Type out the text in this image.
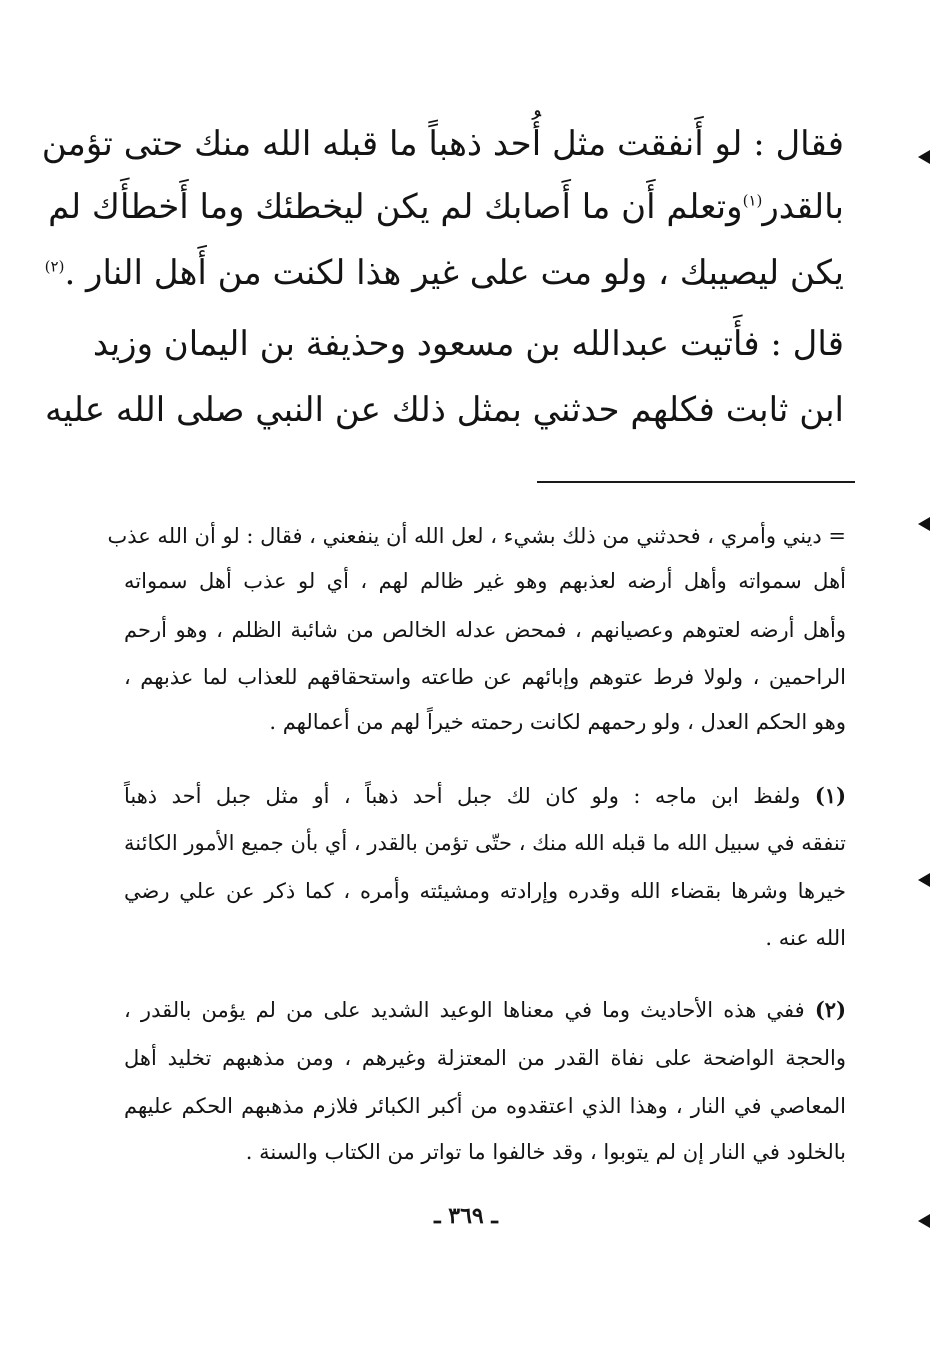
فقال : لو أَنفقت مثل أُحد ذهباً ما قبله الله منك حتى تؤمن
بالقدر$^{(١)}$وتعلم أَن ما أَصابك لم يكن ليخطئك وما أَخطأَك لم
يكن ليصيبك ، ولو مت على غير هذا لكنت من أَهل النار .$^{(٢)}$
قال : فأَتيت عبدالله بن مسعود وحذيفة بن اليمان وزيد
ابن ثابت فكلهم حدثني بمثل ذلك عن النبي صلى الله عليه
= ديني وأمري ، فحدثني من ذلك بشيء ، لعل الله أن ينفعني ، فقال : لو أن الله عذب
أهل سمواته وأهل أرضه لعذبهم وهو غير ظالم لهم ، أي لو عذب أهل سمواته
وأهل أرضه لعتوهم وعصيانهم ، فمحض عدله الخالص من شائبة الظلم ، وهو أرحم
الراحمين ، ولولا فرط عتوهم وإبائهم عن طاعته واستحقاقهم للعذاب لما عذبهم ،
وهو الحكم العدل ، ولو رحمهم لكانت رحمته خيراً لهم من أعمالهم .
(١) ولفظ ابن ماجه : ولو كان لك جبل أحد ذهباً ، أو مثل جبل أحد ذهباً
تنفقه في سبيل الله ما قبله الله منك ، حتّى تؤمن بالقدر ، أي بأن جميع الأمور الكائنة
خيرها وشرها بقضاء الله وقدره وإرادته ومشيئته وأمره ، كما ذكر عن علي رضي
الله عنه .
(٢) ففي هذه الأحاديث وما في معناها الوعيد الشديد على من لم يؤمن بالقدر ،
والحجة الواضحة على نفاة القدر من المعتزلة وغيرهم ، ومن مذهبهم تخليد أهل
المعاصي في النار ، وهذا الذي اعتقدوه من أكبر الكبائر فلازم مذهبهم الحكم عليهم
بالخلود في النار إن لم يتوبوا ، وقد خالفوا ما تواتر من الكتاب والسنة .
ـ ٣٦٩ ـ
